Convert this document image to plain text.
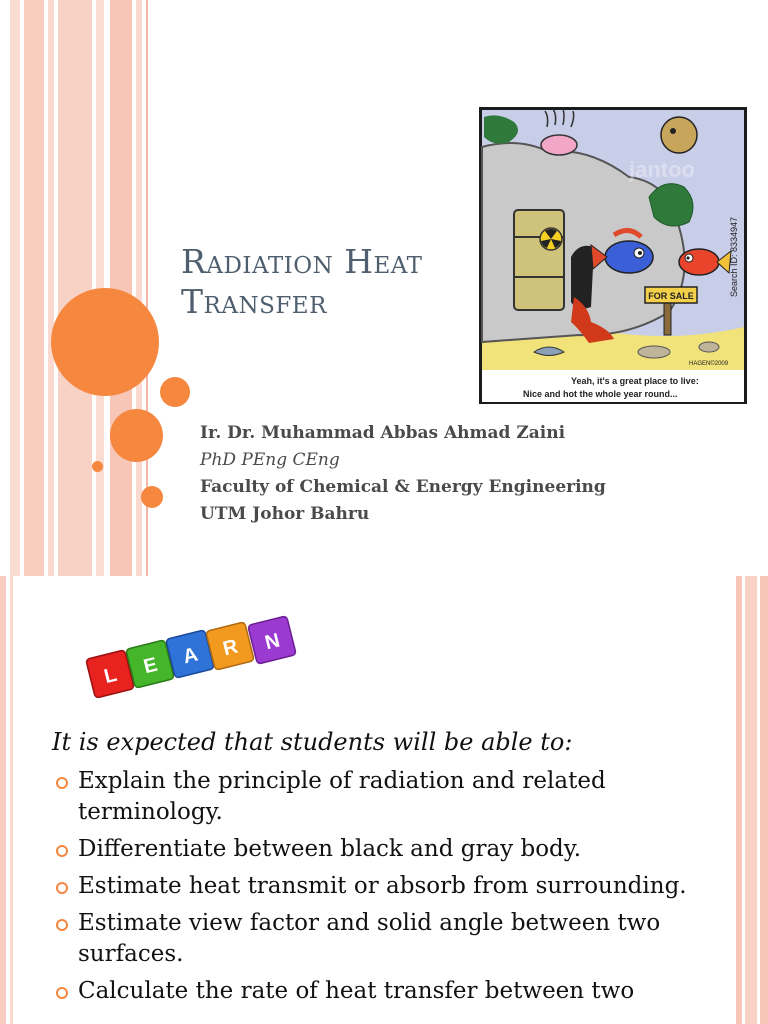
Radiation Heat
Transfer	FOR SALE
jantoo
Search ID: 8334947
HAGEN©2009
Yeah, it's a great place to live:
Nice and hot the whole year round...
Ir. Dr. Muhammad Abbas Ahmad Zaini
PhD PEng CEng
Faculty of Chemical & Energy Engineering
UTM Johor Bahru
L E A R N
It is expected that students will be able to:
Explain the principle of radiation and related terminology.
Differentiate between black and gray body.
Estimate heat transmit or absorb from surrounding.
Estimate view factor and solid angle between two surfaces.
Calculate the rate of heat transfer between two
